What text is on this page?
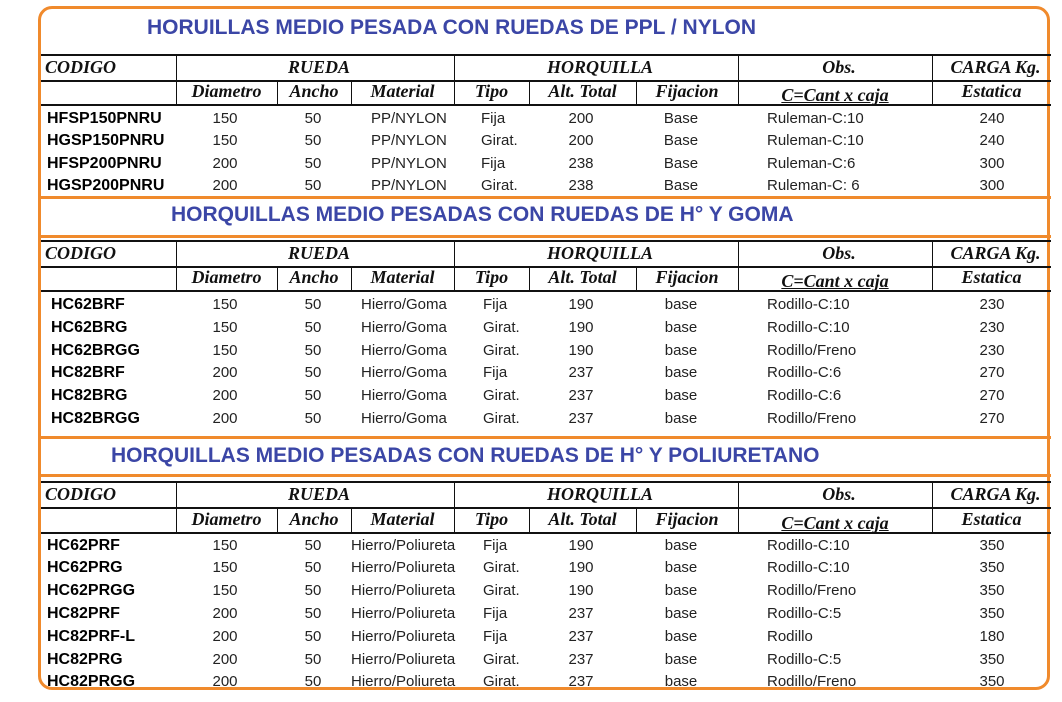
HORUILLAS MEDIO PESADA CON RUEDAS DE PPL / NYLON
CODIGO	RUEDA	HORQUILLA	Obs.	CARGA Kg.
Diametro	Ancho	Material	Tipo	Alt. Total	Fijacion	C=Cant x caja	Estatica
HFSP150PNRU	150	50	PP/NYLON Fija	200	Base	Ruleman-C:10	240
HGSP150PNRU	150	50	PP/NYLON Girat.	200	Base	Ruleman-C:10	240
HFSP200PNRU	200	50	PP/NYLON Fija	238	Base	Ruleman-C:6	300
HGSP200PNRU	200	50	PP/NYLON Girat.	238	Base	Ruleman-C: 6	300
HORQUILLAS MEDIO PESADAS CON RUEDAS DE H° Y GOMA
CODIGO	RUEDA	HORQUILLA	Obs.	CARGA Kg.
Diametro	Ancho	Material	Tipo	Alt. Total	Fijacion	C=Cant x caja	Estatica
HC62BRF	150	50	Hierro/Goma Fija	190	base	Rodillo-C:10	230
HC62BRG	150	50	Hierro/Goma Girat.	190	base	Rodillo-C:10	230
HC62BRGG	150	50	Hierro/Goma Girat.	190	base	Rodillo/Freno	230
HC82BRF	200	50	Hierro/Goma Fija	237	base	Rodillo-C:6	270
HC82BRG	200	50	Hierro/Goma Girat.	237	base	Rodillo-C:6	270
HC82BRGG	200	50	Hierro/Goma Girat.	237	base	Rodillo/Freno	270
HORQUILLAS MEDIO PESADAS CON RUEDAS DE H° Y POLIURETANO
CODIGO	RUEDA	HORQUILLA	Obs.	CARGA Kg.
Diametro	Ancho	Material	Tipo	Alt. Total	Fijacion	C=Cant x caja	Estatica
HC62PRF	150	50	Hierro/Poliureta Fija	190	base	Rodillo-C:10	350
HC62PRG	150	50	Hierro/Poliureta Girat.	190	base	Rodillo-C:10	350
HC62PRGG	150	50	Hierro/Poliureta Girat.	190	base	Rodillo/Freno	350
HC82PRF	200	50	Hierro/Poliureta Fija	237	base	Rodillo-C:5	350
HC82PRF-L	200	50	Hierro/Poliureta Fija	237	base	Rodillo	180
HC82PRG	200	50	Hierro/Poliureta Girat.	237	base	Rodillo-C:5	350
HC82PRGG	200	50	Hierro/Poliureta Girat.	237	base	Rodillo/Freno	350
